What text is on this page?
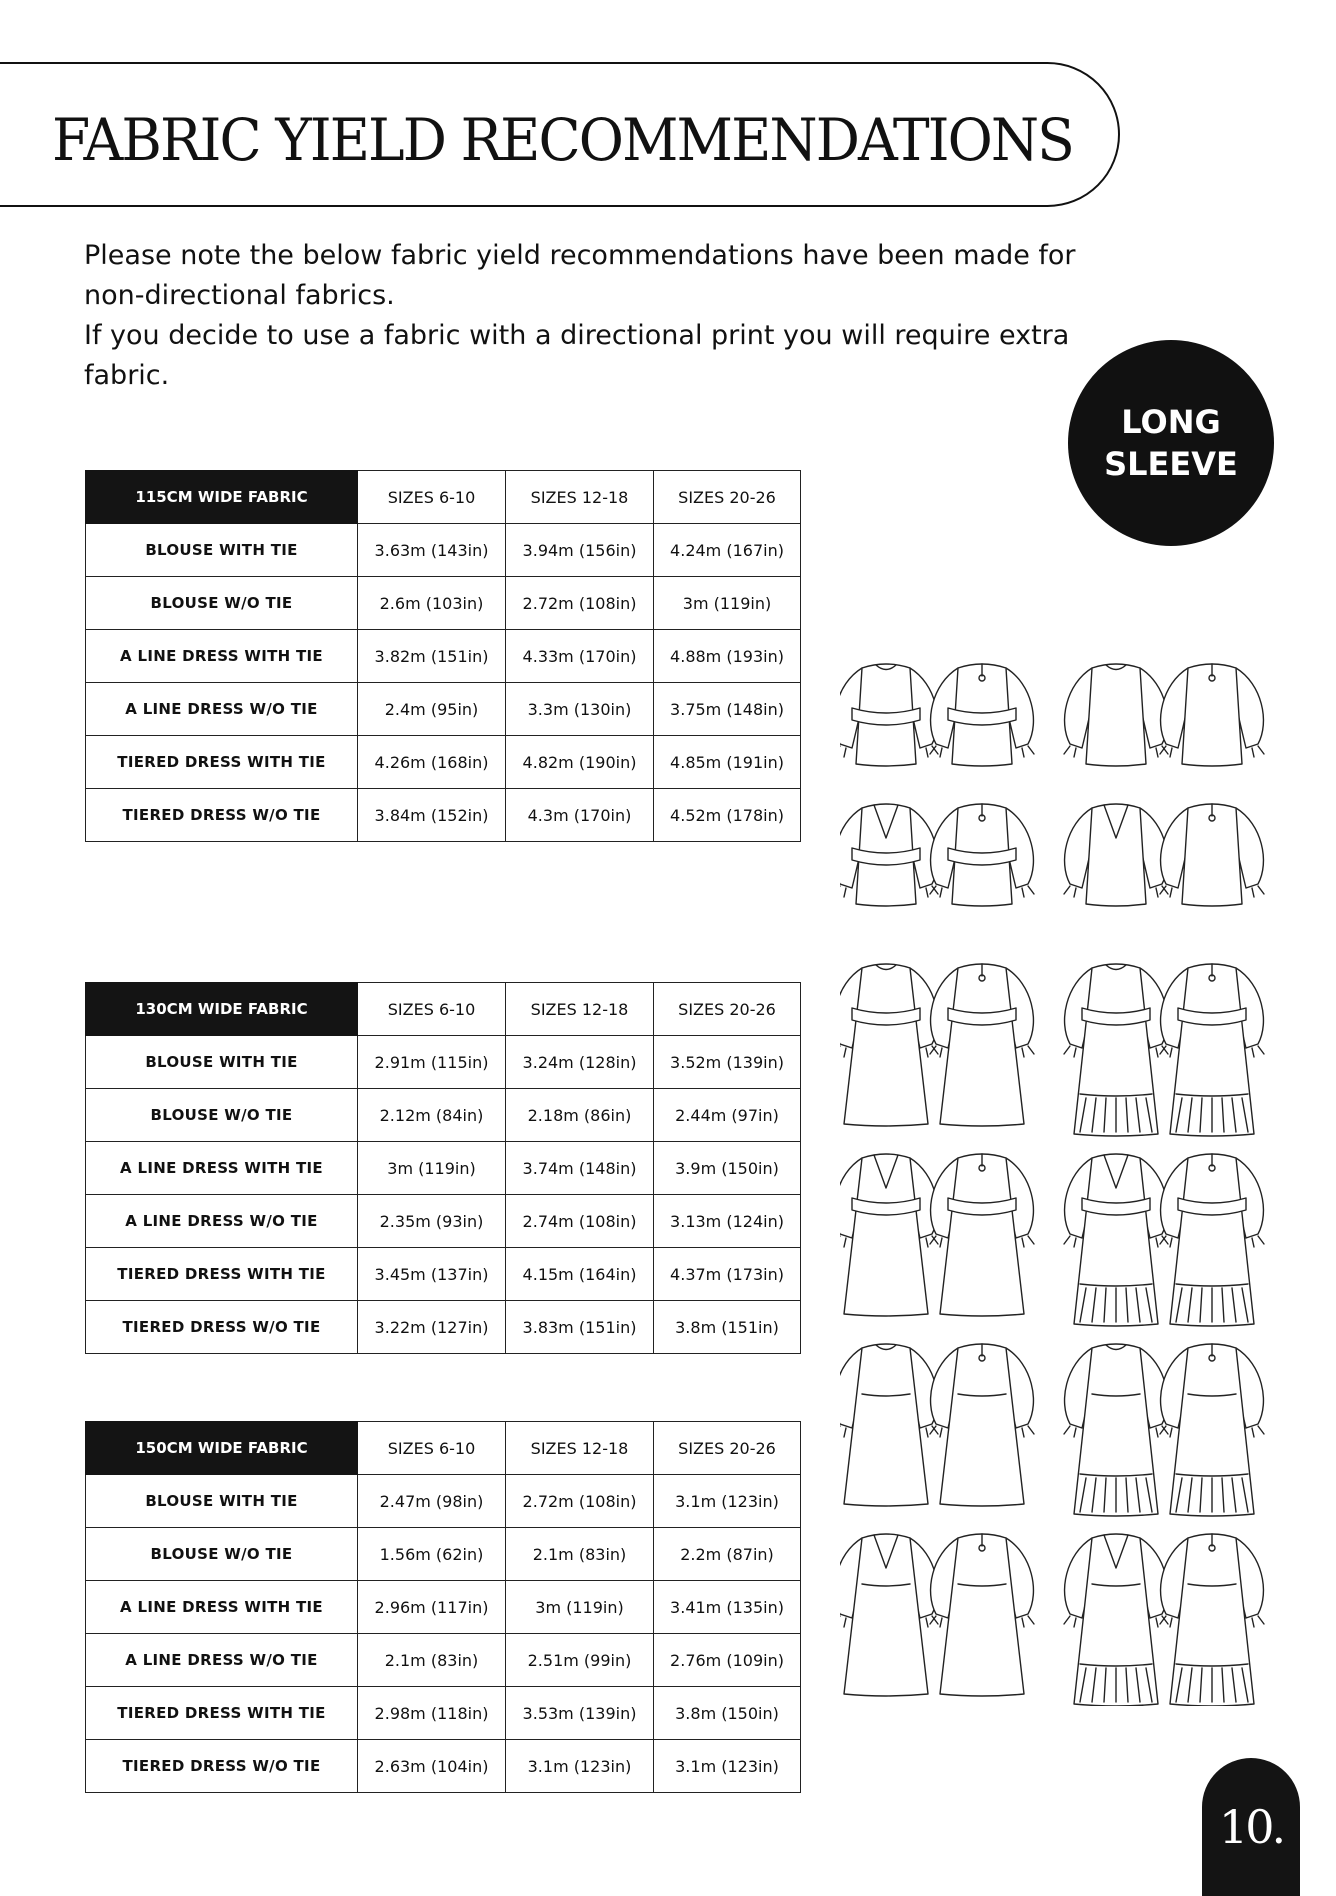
FABRIC YIELD RECOMMENDATIONS

Please note the below fabric yield recommendations have been made for non-directional fabrics.

If you decide to use a fabric with a directional print you will require extra fabric.

LONG
SLEEVE
115CM WIDE FABRIC	SIZES 6-10	SIZES 12-18	SIZES 20-26
BLOUSE WITH TIE	3.63m (143in)	3.94m (156in)	4.24m (167in)
BLOUSE W/O TIE	2.6m (103in)	2.72m (108in)	3m (119in)
A LINE DRESS WITH TIE	3.82m (151in)	4.33m (170in)	4.88m (193in)
A LINE DRESS W/O TIE	2.4m (95in)	3.3m (130in)	3.75m (148in)
TIERED DRESS WITH TIE	4.26m (168in)	4.82m (190in)	4.85m (191in)
TIERED DRESS W/O TIE	3.84m (152in)	4.3m (170in)	4.52m (178in)
130CM WIDE FABRIC	SIZES 6-10	SIZES 12-18	SIZES 20-26
BLOUSE WITH TIE	2.91m (115in)	3.24m (128in)	3.52m (139in)
BLOUSE W/O TIE	2.12m (84in)	2.18m (86in)	2.44m (97in)
A LINE DRESS WITH TIE	3m (119in)	3.74m (148in)	3.9m (150in)
A LINE DRESS W/O TIE	2.35m (93in)	2.74m (108in)	3.13m (124in)
TIERED DRESS WITH TIE	3.45m (137in)	4.15m (164in)	4.37m (173in)
TIERED DRESS W/O TIE	3.22m (127in)	3.83m (151in)	3.8m (151in)
150CM WIDE FABRIC	SIZES 6-10	SIZES 12-18	SIZES 20-26
BLOUSE WITH TIE	2.47m (98in)	2.72m (108in)	3.1m (123in)
BLOUSE W/O TIE	1.56m (62in)	2.1m (83in)	2.2m (87in)
A LINE DRESS WITH TIE	2.96m (117in)	3m (119in)	3.41m (135in)
A LINE DRESS W/O TIE	2.1m (83in)	2.51m (99in)	2.76m (109in)
TIERED DRESS WITH TIE	2.98m (118in)	3.53m (139in)	3.8m (150in)
TIERED DRESS W/O TIE	2.63m (104in)	3.1m (123in)	3.1m (123in)
10.
